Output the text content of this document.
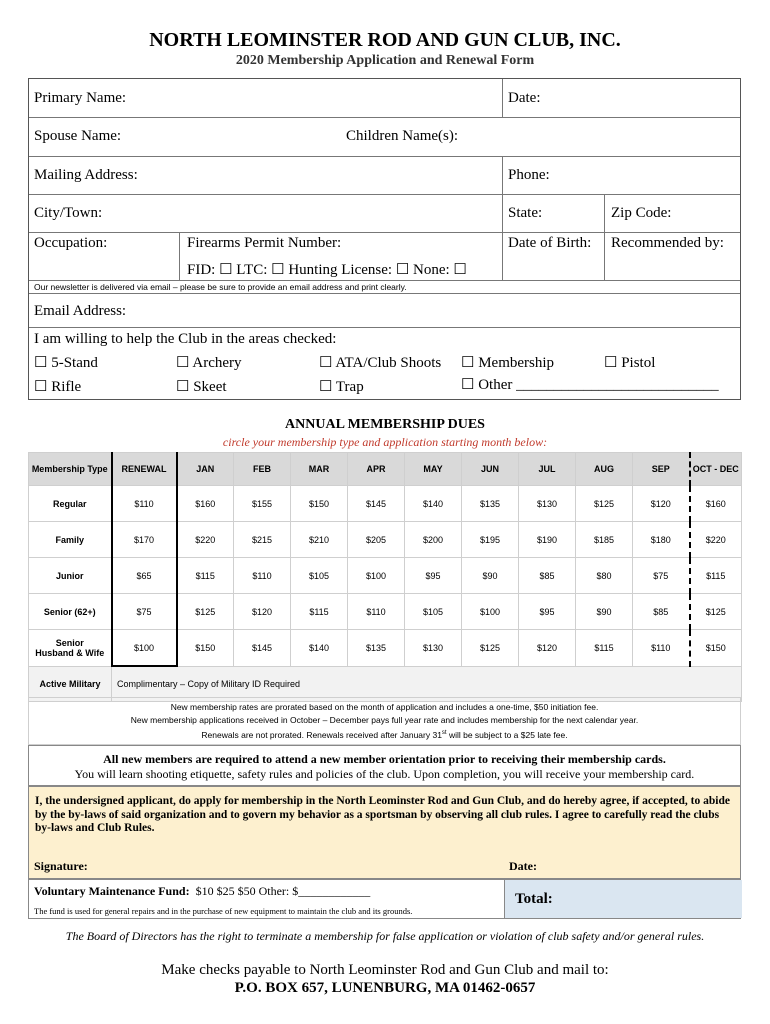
NORTH LEOMINSTER ROD AND GUN CLUB, INC.
2020 Membership Application and Renewal Form
Primary Name:	Date:
Spouse Name:	Children Name(s):
Mailing Address:	Phone:
City/Town:	State:	Zip Code:
Occupation:	Firearms Permit Number:
FID: ☐ LTC: ☐ Hunting License: ☐ None: ☐
Date of Birth: Recommended by:
Our newsletter is delivered via email – please be sure to provide an email address and print clearly.
Email Address:
I am willing to help the Club in the areas checked:
☐ 5-Stand	☐ Archery	☐ ATA/Club Shoots ☐ Membership	☐ Pistol
☐ Rifle	☐ Skeet	☐ Trap	☐ Other ___________________________
ANNUAL MEMBERSHIP DUES
circle your membership type and application starting month below:
Membership Type	RENEWAL	JAN	FEB	MAR	APR	MAY	JUN	JUL	AUG	SEP	OCT - DEC
Regular	$110	$160	$155	$150	$145	$140	$135	$130	$125	$120	$160
Family	$170	$220	$215	$210	$205	$200	$195	$190	$185	$180	$220
Junior	$65	$115	$110	$105	$100	$95	$90	$85	$80	$75	$115
Senior (62+)	$75	$125	$120	$115	$110	$105	$100	$95	$90	$85	$125
Senior
Husband & Wife	$100	$150	$145	$140	$135	$130	$125	$120	$115	$110	$150
Active Military	Complimentary – Copy of Military ID Required										
New membership rates are prorated based on the month of application and includes a one-time, $50 initiation fee.
New membership applications received in October – December pays full year rate and includes membership for the next calendar year.
Renewals are not prorated. Renewals received after January 31st will be subject to a $25 late fee.
All new members are required to attend a new member orientation prior to receiving their membership cards.
You will learn shooting etiquette, safety rules and policies of the club. Upon completion, you will receive your membership card.
I, the undersigned applicant, do apply for membership in the North Leominster Rod and Gun Club, and do hereby agree, if accepted, to abide by the by-laws of said organization and to govern my behavior as a sportsman by observing all club rules. I agree to carefully read the clubs by-laws and Club Rules.
Signature:	Date:
Voluntary Maintenance Fund: $10 $25 $50 Other: $____________
The fund is used for general repairs and in the purchase of new equipment to maintain the club and its grounds.
Total:
The Board of Directors has the right to terminate a membership for false application or violation of club safety and/or general rules.
Make checks payable to North Leominster Rod and Gun Club and mail to:
P.O. BOX 657, LUNENBURG, MA 01462-0657
